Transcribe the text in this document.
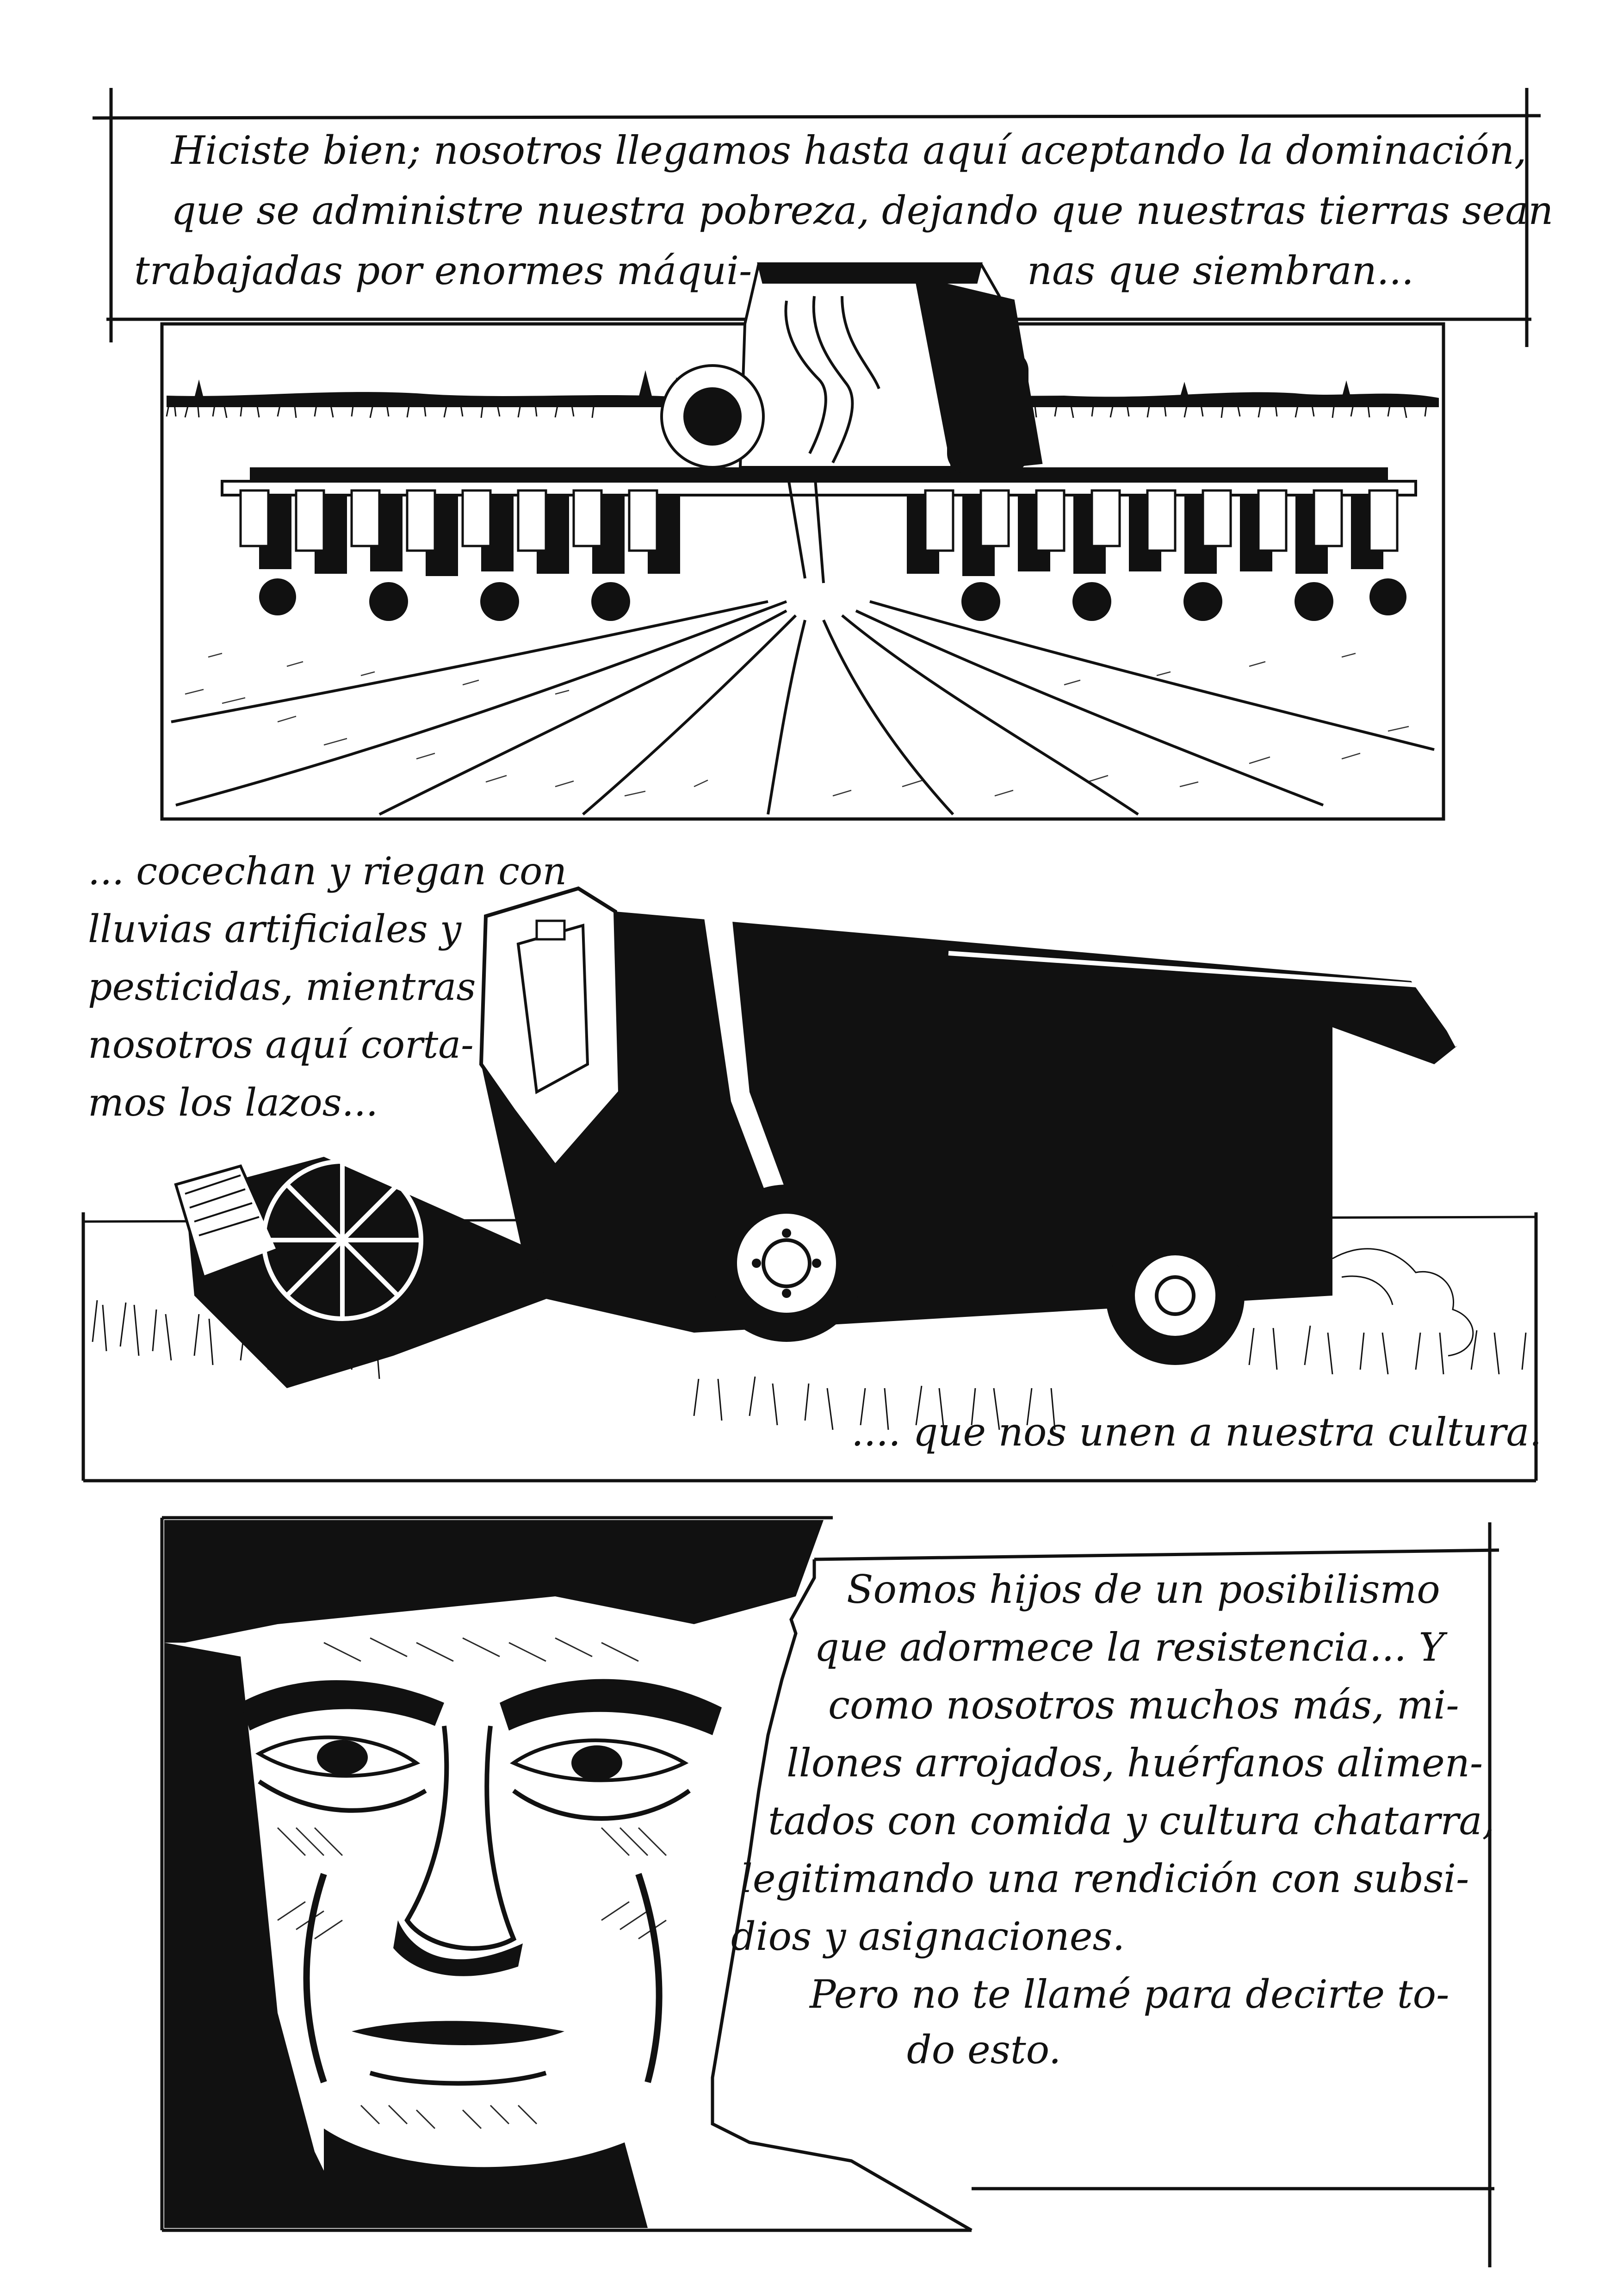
Hiciste bien; nosotros llegamos hasta aquí aceptando la dominación,
que se administre nuestra pobreza, dejando que nuestras tierras sean
trabajadas por enormes máqui-	nas que siembran...
... cocechan y riegan con
lluvias artificiales y
pesticidas, mientras
nosotros aquí corta-
mos los lazos...
.... que nos unen a nuestra cultura.
Somos hijos de un posibilismo
que adormece la resistencia... Y
como nosotros muchos más, mi-
llones arrojados, huérfanos alimen-
tados con comida y cultura chatarra,
legitimando una rendición con subsi-
dios y asignaciones.
Pero no te llamé para decirte to-
do esto.
